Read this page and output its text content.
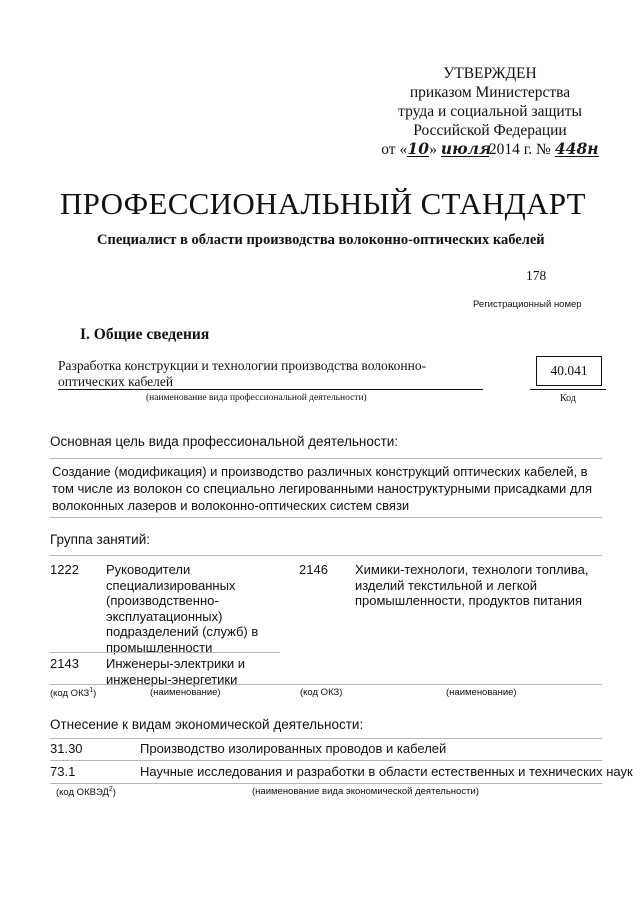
УТВЕРЖДЕН
приказом Министерства
труда и социальной защиты
Российской Федерации
от «10» июля2014 г. № 448н
ПРОФЕССИОНАЛЬНЫЙ СТАНДАРТ
Специалист в области производства волоконно-оптических кабелей
178
Регистрационный номер
I. Общие сведения
Разработка конструкции и технологии производства волоконно-оптических кабелей
(наименование вида профессиональной деятельности)
40.041
Код
Основная цель вида профессиональной деятельности:
Создание (модификация) и производство различных конструкций оптических кабелей, в том числе из волокон со специально легированными наноструктурными присадками для волоконных лазеров и волоконно-оптических систем связи
Группа занятий:
1222 Руководители специализированных (производственно-эксплуатационных) подразделений (служб) в промышленности
2146 Химики-технологи, технологи топлива, изделий текстильной и легкой промышленности, продуктов питания
2143 Инженеры-электрики и инженеры-энергетики
(код ОКЗ$^1$)	(наименование)	(код ОКЗ)	(наименование)
Отнесение к видам экономической деятельности:
31.30	Производство изолированных проводов и кабелей
73.1	Научные исследования и разработки в области естественных и технических наук
(код ОКВЭД$^2$)	(наименование вида экономической деятельности)
